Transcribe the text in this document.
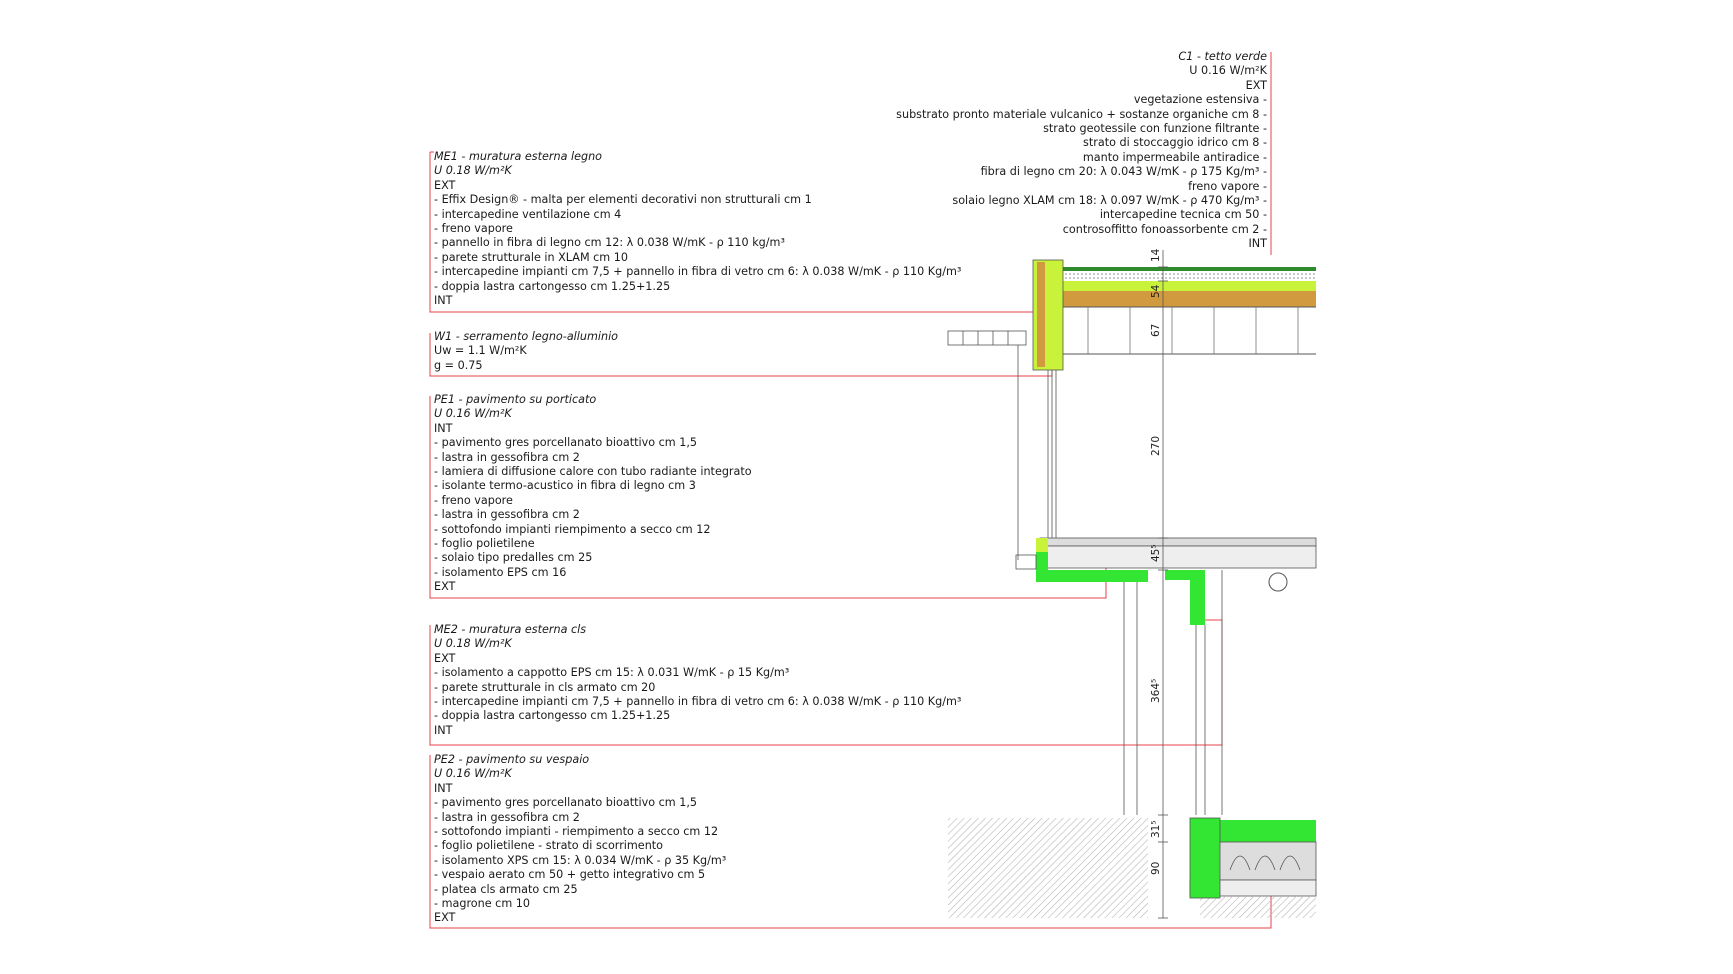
14
54
67
270
45⁵
364⁵
31⁵
90
C1 - tetto verde
U 0.16 W/m²K
EXT
vegetazione estensiva -
substrato pronto materiale vulcanico + sostanze organiche cm 8 -
strato geotessile con funzione filtrante -
strato di stoccaggio idrico cm 8 -
manto impermeabile antiradice -
fibra di legno cm 20: λ 0.043 W/mK - ρ 175 Kg/m³ -
freno vapore -
solaio legno XLAM cm 18: λ 0.097 W/mK - ρ 470 Kg/m³ -
intercapedine tecnica cm 50 -
controsoffitto fonoassorbente cm 2 -
INT
ME1 - muratura esterna legno
U 0.18 W/m²K
EXT
- Effix Design® - malta per elementi decorativi non strutturali cm 1
- intercapedine ventilazione cm 4
- freno vapore
- pannello in fibra di legno cm 12: λ 0.038 W/mK - ρ 110 kg/m³
- parete strutturale in XLAM cm 10
- intercapedine impianti cm 7,5 + pannello in fibra di vetro cm 6: λ 0.038 W/mK - ρ 110 Kg/m³
- doppia lastra cartongesso cm 1.25+1.25
INT
W1 - serramento legno-alluminio
Uw = 1.1 W/m²K
g = 0.75
PE1 - pavimento su porticato
U 0.16 W/m²K
INT
- pavimento gres porcellanato bioattivo cm 1,5
- lastra in gessofibra cm 2
- lamiera di diffusione calore con tubo radiante integrato
- isolante termo-acustico in fibra di legno cm 3
- freno vapore
- lastra in gessofibra cm 2
- sottofondo impianti riempimento a secco cm 12
- foglio polietilene
- solaio tipo predalles cm 25
- isolamento EPS cm 16
EXT
ME2 - muratura esterna cls
U 0.18 W/m²K
EXT
- isolamento a cappotto EPS cm 15: λ 0.031 W/mK - ρ 15 Kg/m³
- parete strutturale in cls armato cm 20
- intercapedine impianti cm 7,5 + pannello in fibra di vetro cm 6: λ 0.038 W/mK - ρ 110 Kg/m³
- doppia lastra cartongesso cm 1.25+1.25
INT
PE2 - pavimento su vespaio
U 0.16 W/m²K
INT
- pavimento gres porcellanato bioattivo cm 1,5
- lastra in gessofibra cm 2
- sottofondo impianti - riempimento a secco cm 12
- foglio polietilene - strato di scorrimento
- isolamento XPS cm 15: λ 0.034 W/mK - ρ 35 Kg/m³
- vespaio aerato cm 50 + getto integrativo cm 5
- platea cls armato cm 25
- magrone cm 10
EXT
